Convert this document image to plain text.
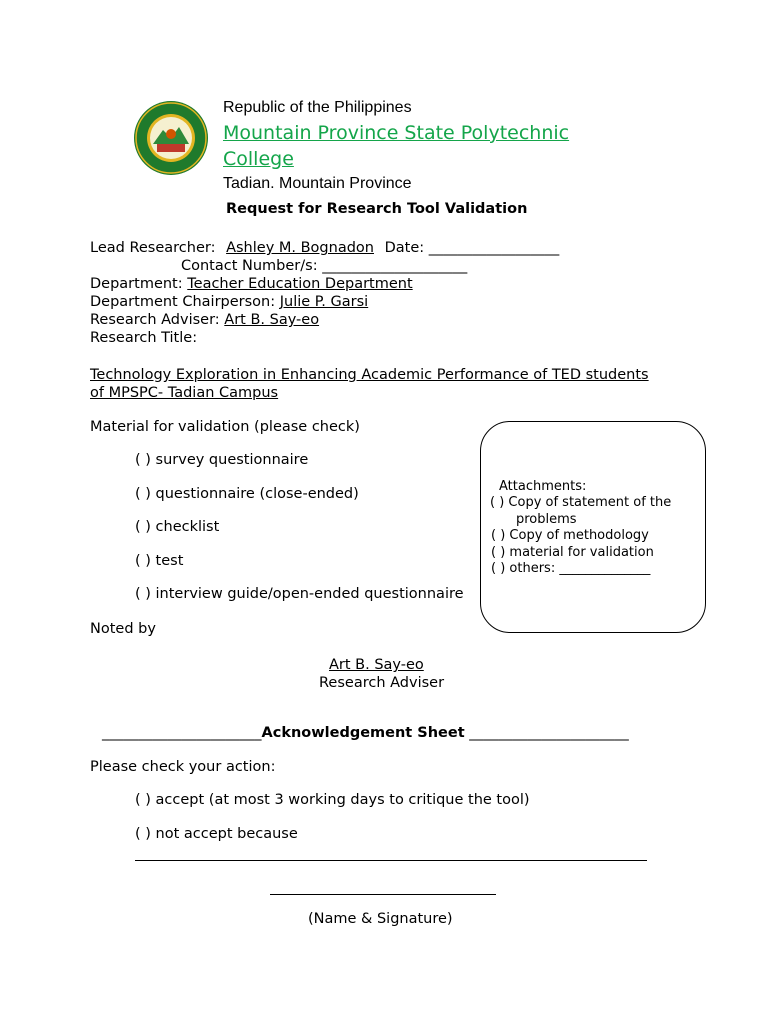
Republic of the Philippines
Mountain Province State Polytechnic
College
Tadian. Mountain Province
Request for Research Tool Validation
Lead Researcher: Ashley M. Bognadon Date: __________________
Contact Number/s: ____________________
Department: Teacher Education Department
Department Chairperson: Julie P. Garsi
Research Adviser: Art B. Say-eo
Research Title:
Technology Exploration in Enhancing Academic Performance of TED students
of MPSPC- Tadian Campus
Material for validation (please check)
( ) survey questionnaire
( ) questionnaire (close-ended)
( ) checklist
( ) test
( ) interview guide/open-ended questionnaire
Attachments:
( ) Copy of statement of the
problems
( ) Copy of methodology
( ) material for validation
( ) others: ______________
Noted by
Art B. Say-eo
Research Adviser
______________________Acknowledgement Sheet ______________________
Please check your action:
( ) accept (at most 3 working days to critique the tool)
( ) not accept because
(Name & Signature)
